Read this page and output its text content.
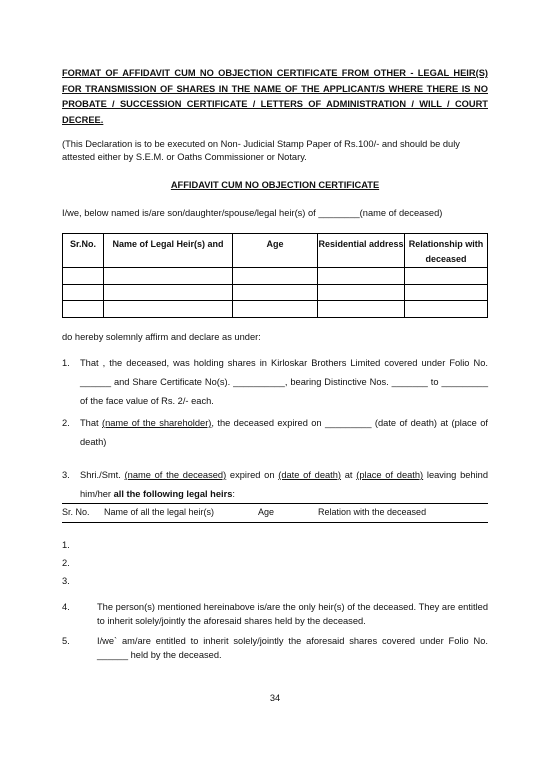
FORMAT OF AFFIDAVIT CUM NO OBJECTION CERTIFICATE FROM OTHER - LEGAL HEIR(S) FOR TRANSMISSION OF SHARES IN THE NAME OF THE APPLICANT/S WHERE THERE IS NO PROBATE / SUCCESSION CERTIFICATE / LETTERS OF ADMINISTRATION / WILL / COURT DECREE.
(This Declaration is to be executed on Non- Judicial Stamp Paper of Rs.100/- and should be duly attested either by S.E.M. or Oaths Commissioner or Notary.
AFFIDAVIT CUM NO OBJECTION CERTIFICATE
I/we, below named is/are son/daughter/spouse/legal heir(s) of ________(name of deceased)
Sr.No.	Name of Legal Heir(s) and	Age	Residential address	Relationship with deceased

do hereby solemnly affirm and declare as under:
1. That , the deceased, was holding shares in Kirloskar Brothers Limited covered under Folio No. ______ and Share Certificate No(s). __________, bearing Distinctive Nos. _______ to _________ of the face value of Rs. 2/- each.
2. That (name of the shareholder), the deceased expired on _________ (date of death) at (place of death)
3. Shri./Smt. (name of the deceased) expired on (date of death) at (place of death) leaving behind him/her all the following legal heirs:
Sr. No. Name of all the legal heir(s)	Age	Relation with the deceased
1.
2.
3.
4.	The person(s) mentioned hereinabove is/are the only heir(s) of the deceased. They are entitled to inherit solely/jointly the aforesaid shares held by the deceased.
5.	I/we` am/are entitled to inherit solely/jointly the aforesaid shares covered under Folio No. ______ held by the deceased.
34
